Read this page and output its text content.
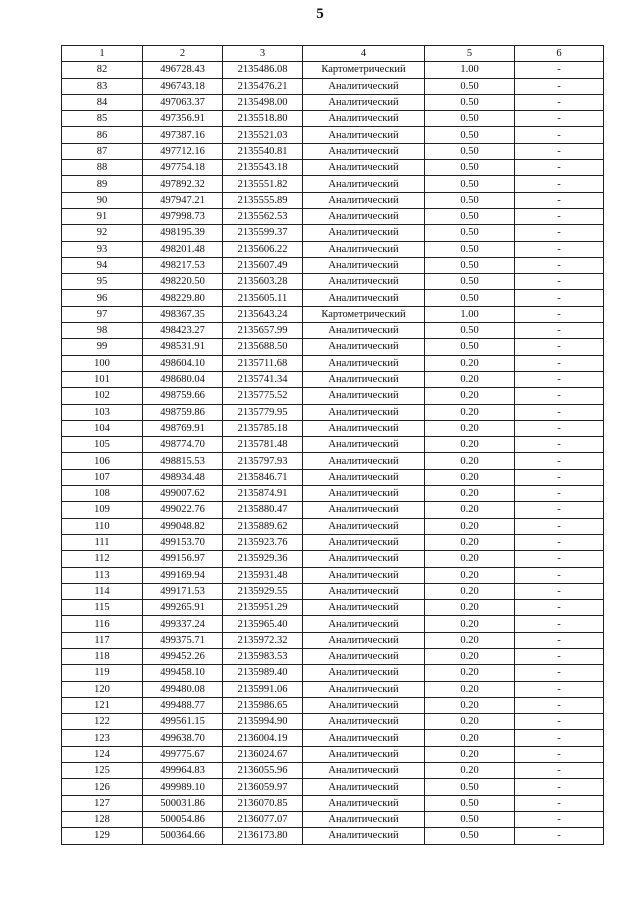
5
1	2	3	4	5	6
82	496728.43	2135486.08	Картометрический	1.00	-
83	496743.18	2135476.21	Аналитический	0.50	-
84	497063.37	2135498.00	Аналитический	0.50	-
85	497356.91	2135518.80	Аналитический	0.50	-
86	497387.16	2135521.03	Аналитический	0.50	-
87	497712.16	2135540.81	Аналитический	0.50	-
88	497754.18	2135543.18	Аналитический	0.50	-
89	497892.32	2135551.82	Аналитический	0.50	-
90	497947.21	2135555.89	Аналитический	0.50	-
91	497998.73	2135562.53	Аналитический	0.50	-
92	498195.39	2135599.37	Аналитический	0.50	-
93	498201.48	2135606.22	Аналитический	0.50	-
94	498217.53	2135607.49	Аналитический	0.50	-
95	498220.50	2135603.28	Аналитический	0.50	-
96	498229.80	2135605.11	Аналитический	0.50	-
97	498367.35	2135643.24	Картометрический	1.00	-
98	498423.27	2135657.99	Аналитический	0.50	-
99	498531.91	2135688.50	Аналитический	0.50	-
100	498604.10	2135711.68	Аналитический	0.20	-
101	498680.04	2135741.34	Аналитический	0.20	-
102	498759.66	2135775.52	Аналитический	0.20	-
103	498759.86	2135779.95	Аналитический	0.20	-
104	498769.91	2135785.18	Аналитический	0.20	-
105	498774.70	2135781.48	Аналитический	0.20	-
106	498815.53	2135797.93	Аналитический	0.20	-
107	498934.48	2135846.71	Аналитический	0.20	-
108	499007.62	2135874.91	Аналитический	0.20	-
109	499022.76	2135880.47	Аналитический	0.20	-
110	499048.82	2135889.62	Аналитический	0.20	-
111	499153.70	2135923.76	Аналитический	0.20	-
112	499156.97	2135929.36	Аналитический	0.20	-
113	499169.94	2135931.48	Аналитический	0.20	-
114	499171.53	2135929.55	Аналитический	0.20	-
115	499265.91	2135951.29	Аналитический	0.20	-
116	499337.24	2135965.40	Аналитический	0.20	-
117	499375.71	2135972.32	Аналитический	0.20	-
118	499452.26	2135983.53	Аналитический	0.20	-
119	499458.10	2135989.40	Аналитический	0.20	-
120	499480.08	2135991.06	Аналитический	0.20	-
121	499488.77	2135986.65	Аналитический	0.20	-
122	499561.15	2135994.90	Аналитический	0.20	-
123	499638.70	2136004.19	Аналитический	0.20	-
124	499775.67	2136024.67	Аналитический	0.20	-
125	499964.83	2136055.96	Аналитический	0.20	-
126	499989.10	2136059.97	Аналитический	0.50	-
127	500031.86	2136070.85	Аналитический	0.50	-
128	500054.86	2136077.07	Аналитический	0.50	-
129	500364.66	2136173.80	Аналитический	0.50	-
